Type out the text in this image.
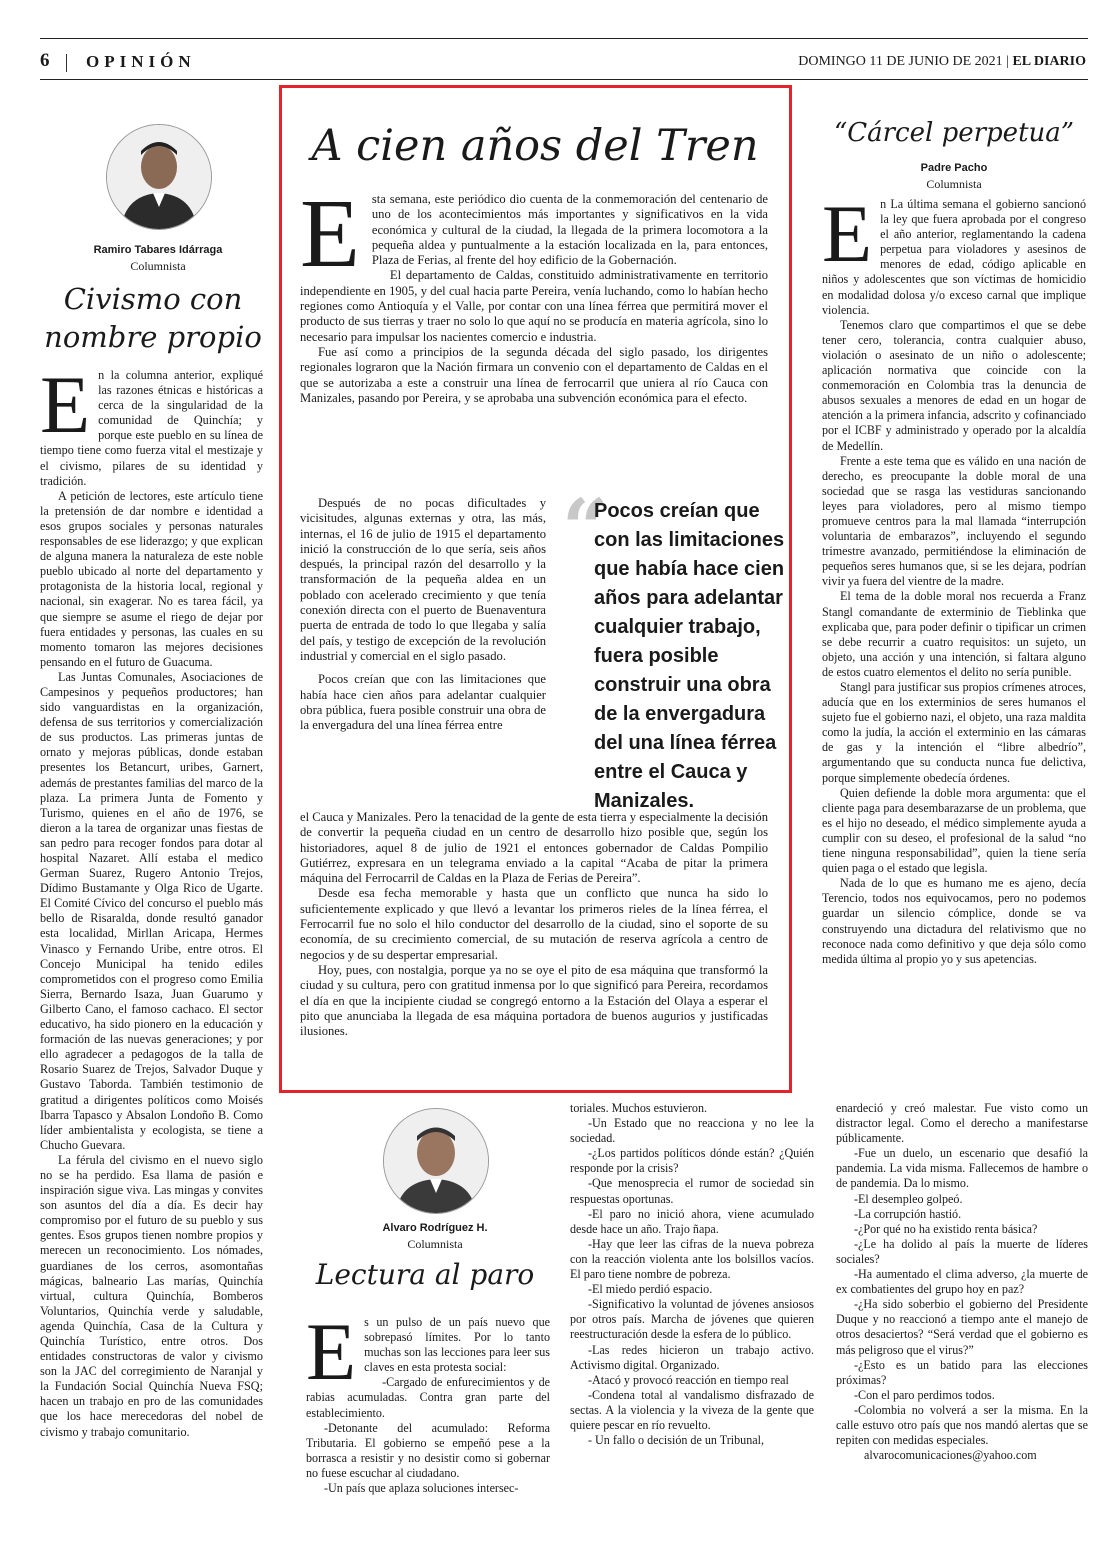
6 OPINIÓN	DOMINGO 11 DE JUNIO DE 2021 | EL DIARIO
Ramiro Tabares Idárraga
Columnista
Civismo con nombre propio
E n la columna anterior, expliqué las razones étnicas e históricas a cerca de la singularidad de la comunidad de Quinchía; y porque este pueblo en su línea de tiempo tiene como fuerza vital el mestizaje y el civismo, pilares de su identidad y tradición.

A petición de lectores, este artículo tiene la pretensión de dar nombre e identidad a esos grupos sociales y personas naturales responsables de ese liderazgo; y que explican de alguna manera la naturaleza de este noble pueblo ubicado al norte del departamento y protagonista de la historia local, regional y nacional, sin exagerar. No es tarea fácil, ya que siempre se asume el riego de dejar por fuera entidades y personas, las cuales en su momento tomaron las mejores decisiones pensando en el futuro de Guacuma.

Las Juntas Comunales, Asociaciones de Campesinos y pequeños productores; han sido vanguardistas en la organización, defensa de sus territorios y comercialización de sus productos. Las primeras juntas de ornato y mejoras públicas, donde estaban presentes los Betancurt, uribes, Garnert, además de prestantes familias del marco de la plaza. La primera Junta de Fomento y Turismo, quienes en el año de 1976, se dieron a la tarea de organizar unas fiestas de san pedro para recoger fondos para dotar al hospital Nazaret. Allí estaba el medico German Suarez, Rugero Antonio Trejos, Dídimo Bustamante y Olga Rico de Ugarte. El Comité Cívico del concurso el pueblo más bello de Risaralda, donde resultó ganador esta localidad, Mirllan Aricapa, Hermes Vinasco y Fernando Uribe, entre otros. El Concejo Municipal ha tenido ediles comprometidos con el progreso como Emilia Sierra, Bernardo Isaza, Juan Guarumo y Gilberto Cano, el famoso cachaco. El sector educativo, ha sido pionero en la educación y formación de las nuevas generaciones; y por ello agradecer a pedagogos de la talla de Rosario Suarez de Trejos, Salvador Duque y Gustavo Taborda. También testimonio de gratitud a dirigentes políticos como Moisés Ibarra Tapasco y Absalon Londoño B. Como líder ambientalista y ecologista, se tiene a Chucho Guevara.

La férula del civismo en el nuevo siglo no se ha perdido. Esa llama de pasión e inspiración sigue viva. Las mingas y convites son asuntos del día a día. Es decir hay compromiso por el futuro de su pueblo y sus gentes. Esos grupos tienen nombre propios y merecen un reconocimiento. Los nómades, guardianes de los cerros, asomontañas mágicas, balneario Las marías, Quinchía virtual, cultura Quinchía, Bomberos Voluntarios, Quinchía verde y saludable, agenda Quinchía, Casa de la Cultura y Quinchía Turístico, entre otros. Dos entidades constructoras de valor y civismo son la JAC del corregimiento de Naranjal y la Fundación Social Quinchía Nueva FSQ; hacen un trabajo en pro de las comunidades que los hace merecedoras del nobel de civismo y trabajo comunitario.

A cien años del Tren
E sta semana, este periódico dio cuenta de la conmemoración del centenario de uno de los acontecimientos más importantes y significativos en la vida económica y cultural de la ciudad, la llegada de la primera locomotora a la pequeña aldea y puntualmente a la estación localizada en la, para entonces, Plaza de Ferias, al frente del hoy edificio de la Gobernación.

El departamento de Caldas, constituido administrativamente en territorio independiente en 1905, y del cual hacia parte Pereira, venía luchando, como lo habían hecho regiones como Antioquía y el Valle, por contar con una línea férrea que permitirá mover el producto de sus tierras y traer no solo lo que aquí no se producía en materia agrícola, sino lo necesario para impulsar los nacientes comercio e industria.

Fue así como a principios de la segunda década del siglo pasado, los dirigentes regionales lograron que la Nación firmara un convenio con el departamento de Caldas en el que se autorizaba a este a construir una línea de ferrocarril que uniera al río Cauca con Manizales, pasando por Pereira, y se aprobaba una subvención económica para el efecto.

Después de no pocas dificultades y vicisitudes, algunas externas y otra, las más, internas, el 16 de julio de 1915 el departamento inició la construcción de lo que sería, seis años después, la principal razón del desarrollo y la transformación de la pequeña aldea en un poblado con acelerado crecimiento y que tenía conexión directa con el puerto de Buenaventura puerta de entrada de todo lo que llegaba y salía del país, y testigo de excepción de la revolución industrial y comercial en el siglo pasado.

Pocos creían que con las limitaciones que había hace cien años para adelantar cualquier obra pública, fuera posible construir una obra de la envergadura del una línea férrea entre

“
Pocos creían que con las limitaciones que había hace cien años para adelantar cualquier trabajo, fuera posible construir una obra de la envergadura del una línea férrea entre el Cauca y Manizales.

el Cauca y Manizales. Pero la tenacidad de la gente de esta tierra y especialmente la decisión de convertir la pequeña ciudad en un centro de desarrollo hizo posible que, según los historiadores, aquel 8 de julio de 1921 el entonces gobernador de Caldas Pompilio Gutiérrez, expresara en un telegrama enviado a la capital “Acaba de pitar la primera máquina del Ferrocarril de Caldas en la Plaza de Ferias de Pereira”.

Desde esa fecha memorable y hasta que un conflicto que nunca ha sido lo suficientemente explicado y que llevó a levantar los primeros rieles de la línea férrea, el Ferrocarril fue no solo el hilo conductor del desarrollo de la ciudad, sino el soporte de su economía, de su crecimiento comercial, de su mutación de reserva agrícola a centro de negocios y de su despertar empresarial.

Hoy, pues, con nostalgia, porque ya no se oye el pito de esa máquina que transformó la ciudad y su cultura, pero con gratitud inmensa por lo que significó para Pereira, recordamos el día en que la incipiente ciudad se congregó entorno a la Estación del Olaya a esperar el pito que anunciaba la llegada de esa máquina portadora de buenos augurios y justificadas ilusiones.

“Cárcel perpetua”
Padre Pacho
Columnista
E n La última semana el gobierno sancionó la ley que fuera aprobada por el congreso el año anterior, reglamentando la cadena perpetua para violadores y asesinos de menores de edad, código aplicable en niños y adolescentes que son víctimas de homicidio en modalidad dolosa y/o exceso carnal que implique violencia.

Tenemos claro que compartimos el que se debe tener cero, tolerancia, contra cualquier abuso, violación o asesinato de un niño o adolescente; aplicación normativa que coincide con la conmemoración en Colombia tras la denuncia de abusos sexuales a menores de edad en un hogar de atención a la primera infancia, adscrito y cofinanciado por el ICBF y administrado y operado por la alcaldía de Medellín.

Frente a este tema que es válido en una nación de derecho, es preocupante la doble moral de una sociedad que se rasga las vestiduras sancionando leyes para violadores, pero al mismo tiempo promueve centros para la mal llamada “interrupción voluntaria de embarazos”, incluyendo el segundo trimestre avanzado, permitiéndose la eliminación de pequeños seres humanos que, si se les dejara, podrían vivir ya fuera del vientre de la madre.

El tema de la doble moral nos recuerda a Franz Stangl comandante de exterminio de Tieblinka que explicaba que, para poder definir o tipificar un crimen se debe recurrir a cuatro requisitos: un sujeto, un objeto, una acción y una intención, si faltara alguno de estos cuatro elementos el delito no sería punible.

Stangl para justificar sus propios crímenes atroces, aducía que en los exterminios de seres humanos el sujeto fue el gobierno nazi, el objeto, una raza maldita como la judía, la acción el exterminio en las cámaras de gas y la intención el “libre albedrío”, argumentando que su conducta nunca fue delictiva, porque simplemente obedecía órdenes.

Quien defiende la doble mora argumenta: que el cliente paga para desembarazarse de un problema, que es el hijo no deseado, el médico simplemente ayuda a cumplir con su deseo, el profesional de la salud “no tiene ninguna responsabilidad”, quien la tiene sería quien paga o el estado que legisla.

Nada de lo que es humano me es ajeno, decía Terencio, todos nos equivocamos, pero no podemos guardar un silencio cómplice, donde se va construyendo una dictadura del relativismo que no reconoce nada como definitivo y que deja sólo como medida última al propio yo y sus apetencias.

Alvaro Rodríguez H.
Columnista
Lectura al paro
E s un pulso de un país nuevo que sobrepasó límites. Por lo tanto muchas son las lecciones para leer sus claves en esta protesta social:

-Cargado de enfurecimientos y de rabias acumuladas. Contra gran parte del establecimiento.

-Detonante del acumulado: Reforma Tributaria. El gobierno se empeñó pese a la borrasca a resistir y no desistir como si gobernar no fuese escuchar al ciudadano.

-Un país que aplaza soluciones intersec-

toriales. Muchos estuvieron.

-Un Estado que no reacciona y no lee la sociedad.

-¿Los partidos políticos dónde están? ¿Quién responde por la crisis?

-Que menosprecia el rumor de sociedad sin respuestas oportunas.

-El paro no inició ahora, viene acumulado desde hace un año. Trajo ñapa.

-Hay que leer las cifras de la nueva pobreza con la reacción violenta ante los bolsillos vacíos. El paro tiene nombre de pobreza.

-El miedo perdió espacio.

-Significativo la voluntad de jóvenes ansiosos por otros país. Marcha de jóvenes que quieren reestructuración desde la esfera de lo público.

-Las redes hicieron un trabajo activo. Activismo digital. Organizado.

-Atacó y provocó reacción en tiempo real

-Condena total al vandalismo disfrazado de sectas. A la violencia y la viveza de la gente que quiere pescar en río revuelto.

- Un fallo o decisión de un Tribunal,

enardeció y creó malestar. Fue visto como un distractor legal. Como el derecho a manifestarse públicamente.

-Fue un duelo, un escenario que desafió la pandemia. La vida misma. Fallecemos de hambre o de pandemia. Da lo mismo.

-El desempleo golpeó.

-La corrupción hastió.

-¿Por qué no ha existido renta básica?

-¿Le ha dolido al país la muerte de líderes sociales?

-Ha aumentado el clima adverso, ¿la muerte de ex combatientes del grupo hoy en paz?

-¿Ha sido soberbio el gobierno del Presidente Duque y no reaccionó a tiempo ante el manejo de otros desaciertos? “Será verdad que el gobierno es más peligroso que el virus?”

-¿Esto es un batido para las elecciones próximas?

-Con el paro perdimos todos.

-Colombia no volverá a ser la misma. En la calle estuvo otro país que nos mandó alertas que se repiten con medidas especiales.

alvarocomunicaciones@yahoo.com
